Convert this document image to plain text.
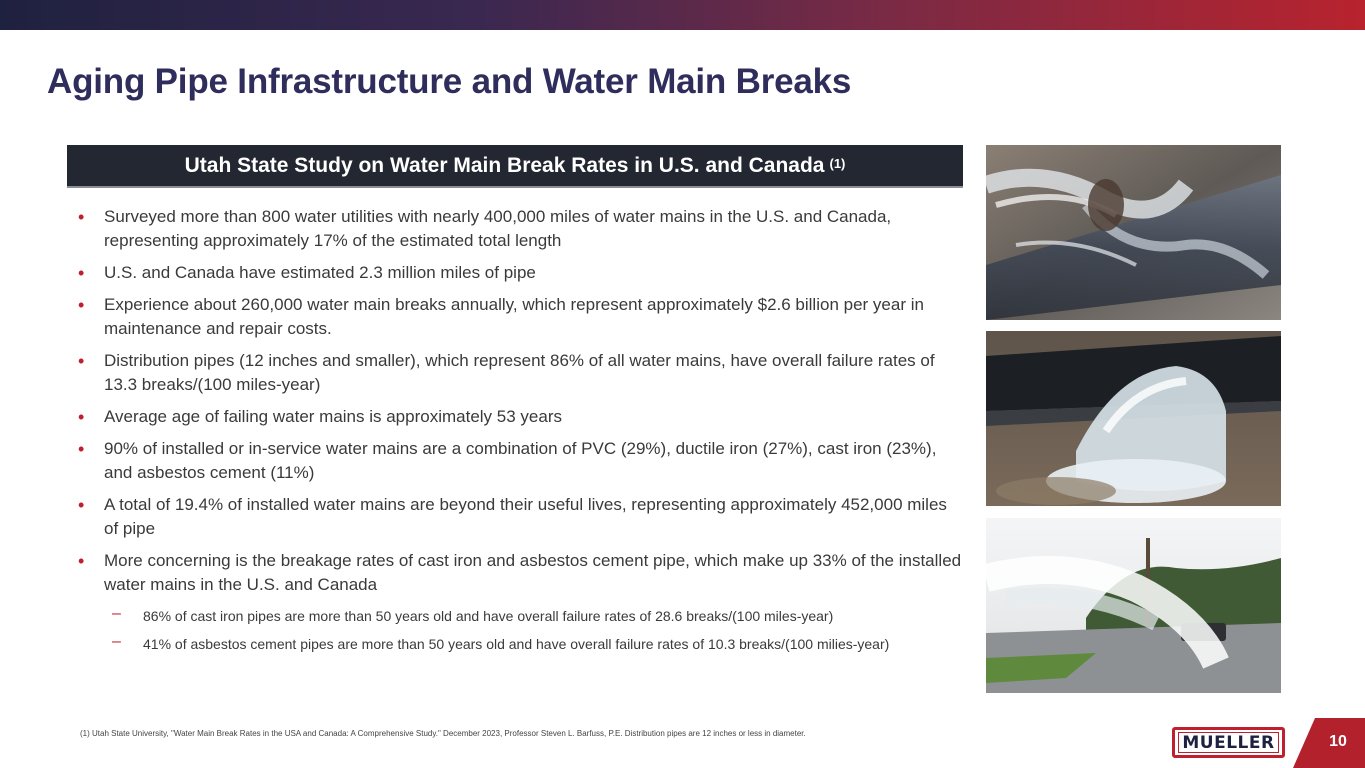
Aging Pipe Infrastructure and Water Main Breaks
Utah State Study on Water Main Break Rates in U.S. and Canada $^{(1)}$
• Surveyed more than 800 water utilities with nearly 400,000 miles of water mains in the U.S. and Canada, representing approximately 17% of the estimated total length
• U.S. and Canada have estimated 2.3 million miles of pipe
• Experience about 260,000 water main breaks annually, which represent approximately $2.6 billion per year in maintenance and repair costs.
• Distribution pipes (12 inches and smaller), which represent 86% of all water mains, have overall failure rates of 13.3 breaks/(100 miles-year)
• Average age of failing water mains is approximately 53 years
• 90% of installed or in-service water mains are a combination of PVC (29%), ductile iron (27%), cast iron (23%), and asbestos cement (11%)
• A total of 19.4% of installed water mains are beyond their useful lives, representing approximately 452,000 miles of pipe
• More concerning is the breakage rates of cast iron and asbestos cement pipe, which make up 33% of the installed water mains in the U.S. and Canada
– 86% of cast iron pipes are more than 50 years old and have overall failure rates of 28.6 breaks/(100 miles-year)
– 41% of asbestos cement pipes are more than 50 years old and have overall failure rates of 10.3 breaks/(100 milies-year)
(1) Utah State University, "Water Main Break Rates in the USA and Canada: A Comprehensive Study." December 2023, Professor Steven L. Barfuss, P.E. Distribution pipes are 12 inches or less in diameter.	MUELLER	10
